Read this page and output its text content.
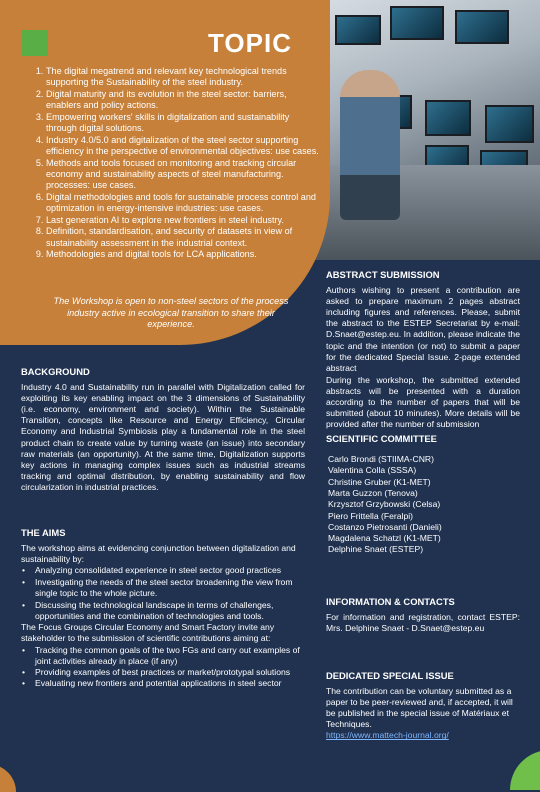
TOPIC
1. The digital megatrend and relevant key technological trends supporting the Sustainability of the steel industry.
2. Digital maturity and its evolution in the steel sector: barriers, enablers and policy actions.
3. Empowering workers' skills in digitalization and sustainability through digital solutions.
4. Industry 4.0/5.0 and digitalization of the steel sector supporting efficiency in the perspective of environmental objectives: use cases.
5. Methods and tools focused on monitoring and tracking circular economy and sustainability aspects of steel manufacturing. processes: use cases.
6. Digital methodologies and tools for sustainable process control and optimization in energy-intensive industries: use cases.
7. Last generation AI to explore new frontiers in steel industry.
8. Definition, standardisation, and security of datasets in view of sustainability assessment in the industrial context.
9. Methodologies and digital tools for LCA applications.
The Workshop is open to non-steel sectors of the process industry active in ecological transition to share their experience.
BACKGROUND
Industry 4.0 and Sustainability run in parallel with Digitalization called for exploiting its key enabling impact on the 3 dimensions of Sustainability (i.e. economy, environment and society). Within the Sustainable Transition, concepts like Resource and Energy Efficiency, Circular Economy and Industrial Symbiosis play a fundamental role in the steel product chain to create value by turning waste (an issue) into secondary raw materials (an opportunity). At the same time, Digitalization supports key actions in managing complex issues such as industrial streams tracking and optimal distribution, by enabling sustainability and flow circularization in industrial practices.
THE AIMS
The workshop aims at evidencing conjunction between digitalization and sustainability by:
• Analyzing consolidated experience in steel sector good practices
• Investigating the needs of the steel sector broadening the view from single topic to the whole picture.
• Discussing the technological landscape in terms of challenges, opportunities and the combination of technologies and tools.
The Focus Groups Circular Economy and Smart Factory invite any stakeholder to the submission of scientific contributions aiming at:
• Tracking the common goals of the two FGs and carry out examples of joint activities already in place (if any)
• Providing examples of best practices or market/prototypal solutions
• Evaluating new frontiers and potential applications in steel sector
ABSTRACT SUBMISSION
Authors wishing to present a contribution are asked to prepare maximum 2 pages abstract including figures and references. Please, submit the abstract to the ESTEP Secretariat by e-mail: D.Snaet@estep.eu. In addition, please indicate the topic and the intention (or not) to submit a paper for the dedicated Special Issue. 2-page extended abstract
During the workshop, the submitted extended abstracts will be presented with a duration according to the number of papers that will be submitted (about 10 minutes). More details will be provided after the number of submission
SCIENTIFIC COMMITTEE
Carlo Brondi (STIIMA-CNR)
Valentina Colla (SSSA)
Christine Gruber (K1-MET)
Marta Guzzon (Tenova)
Krzysztof Grzybowski (Celsa)
Piero Frittella (Feralpi)
Costanzo Pietrosanti (Danieli)
Magdalena Schatzl (K1-MET)
Delphine Snaet (ESTEP)
INFORMATION & CONTACTS
For information and registration, contact ESTEP: Mrs. Delphine Snaet - D.Snaet@estep.eu
DEDICATED SPECIAL ISSUE
The contribution can be voluntary submitted as a paper to be peer-reviewed and, if accepted, it will be published in the special issue of Matériaux et Techniques.
https://www.mattech-journal.org/
